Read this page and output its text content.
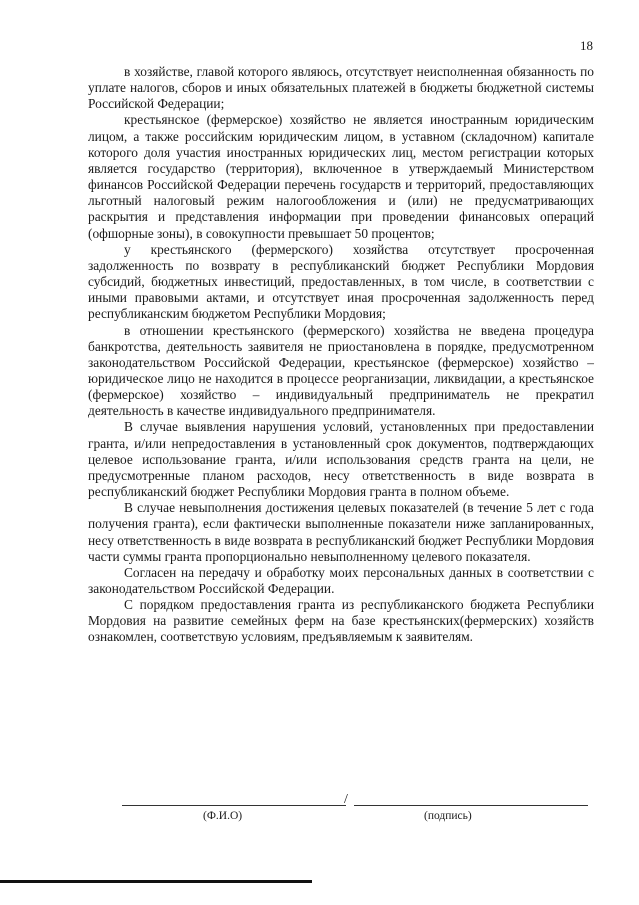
18

в хозяйстве, главой которого являюсь, отсутствует неисполненная обязанность по уплате налогов, сборов и иных обязательных платежей в бюджеты бюджетной системы Российской Федерации;

крестьянское (фермерское) хозяйство не является иностранным юридическим лицом, а также российским юридическим лицом, в уставном (складочном) капитале которого доля участия иностранных юридических лиц, местом регистрации которых является государство (территория), включенное в утверждаемый Министерством финансов Российской Федерации перечень государств и территорий, предоставляющих льготный налоговый режим налогообложения и (или) не предусматривающих раскрытия и представления информации при проведении финансовых операций (офшорные зоны), в совокупности превышает 50 процентов;

у крестьянского (фермерского) хозяйства отсутствует просроченная задолженность по возврату в республиканский бюджет Республики Мордовия субсидий, бюджетных инвестиций, предоставленных, в том числе, в соответствии с иными правовыми актами, и отсутствует иная просроченная задолженность перед республиканским бюджетом Республики Мордовия;

в отношении крестьянского (фермерского) хозяйства не введена процедура банкротства, деятельность заявителя не приостановлена в порядке, предусмотренном законодательством Российской Федерации, крестьянское (фермерское) хозяйство – юридическое лицо не находится в процессе реорганизации, ликвидации, а крестьянское (фермерское) хозяйство – индивидуальный предприниматель не прекратил деятельность в качестве индивидуального предпринимателя.

В случае выявления нарушения условий, установленных при предоставлении гранта, и/или непредоставления в установленный срок документов, подтверждающих целевое использование гранта, и/или использования средств гранта на цели, не предусмотренные планом расходов, несу ответственность в виде возврата в республиканский бюджет Республики Мордовия гранта в полном объеме.

В случае невыполнения достижения целевых показателей (в течение 5 лет с года получения гранта), если фактически выполненные показатели ниже запланированных, несу ответственность в виде возврата в республиканский бюджет Республики Мордовия части суммы гранта пропорционально невыполненному целевого показателя.

Согласен на передачу и обработку моих персональных данных в соответствии с законодательством Российской Федерации.

С порядком предоставления гранта из республиканского бюджета Республики Мордовия на развитие семейных ферм на базе крестьянских(фермерских) хозяйств ознакомлен, соответствую условиям, предъявляемым к заявителям.

/
(Ф.И.О)	(подпись)
